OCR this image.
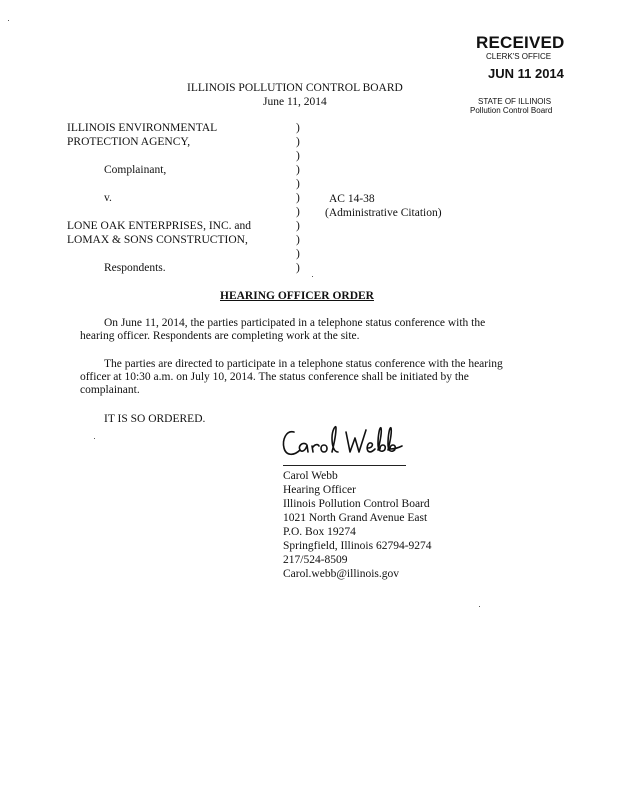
RECEIVED
CLERK'S OFFICE
JUN 11 2014
STATE OF ILLINOIS
Pollution Control Board
ILLINOIS POLLUTION CONTROL BOARD
June 11, 2014
ILLINOIS ENVIRONMENTAL
PROTECTION AGENCY,
Complainant,
v.
LONE OAK ENTERPRISES, INC. and
LOMAX & SONS CONSTRUCTION,
Respondents.
)
)
)
)
)
)
)
)
)
)
)
AC 14-38
(Administrative Citation)
HEARING OFFICER ORDER
On June 11, 2014, the parties participated in a telephone status conference with the hearing officer. Respondents are completing work at the site.
The parties are directed to participate in a telephone status conference with the hearing officer at 10:30 a.m. on July 10, 2014. The status conference shall be initiated by the complainant.
IT IS SO ORDERED.
Carol Webb
Hearing Officer
Illinois Pollution Control Board
1021 North Grand Avenue East
P.O. Box 19274
Springfield, Illinois 62794-9274
217/524-8509
Carol.webb@illinois.gov
